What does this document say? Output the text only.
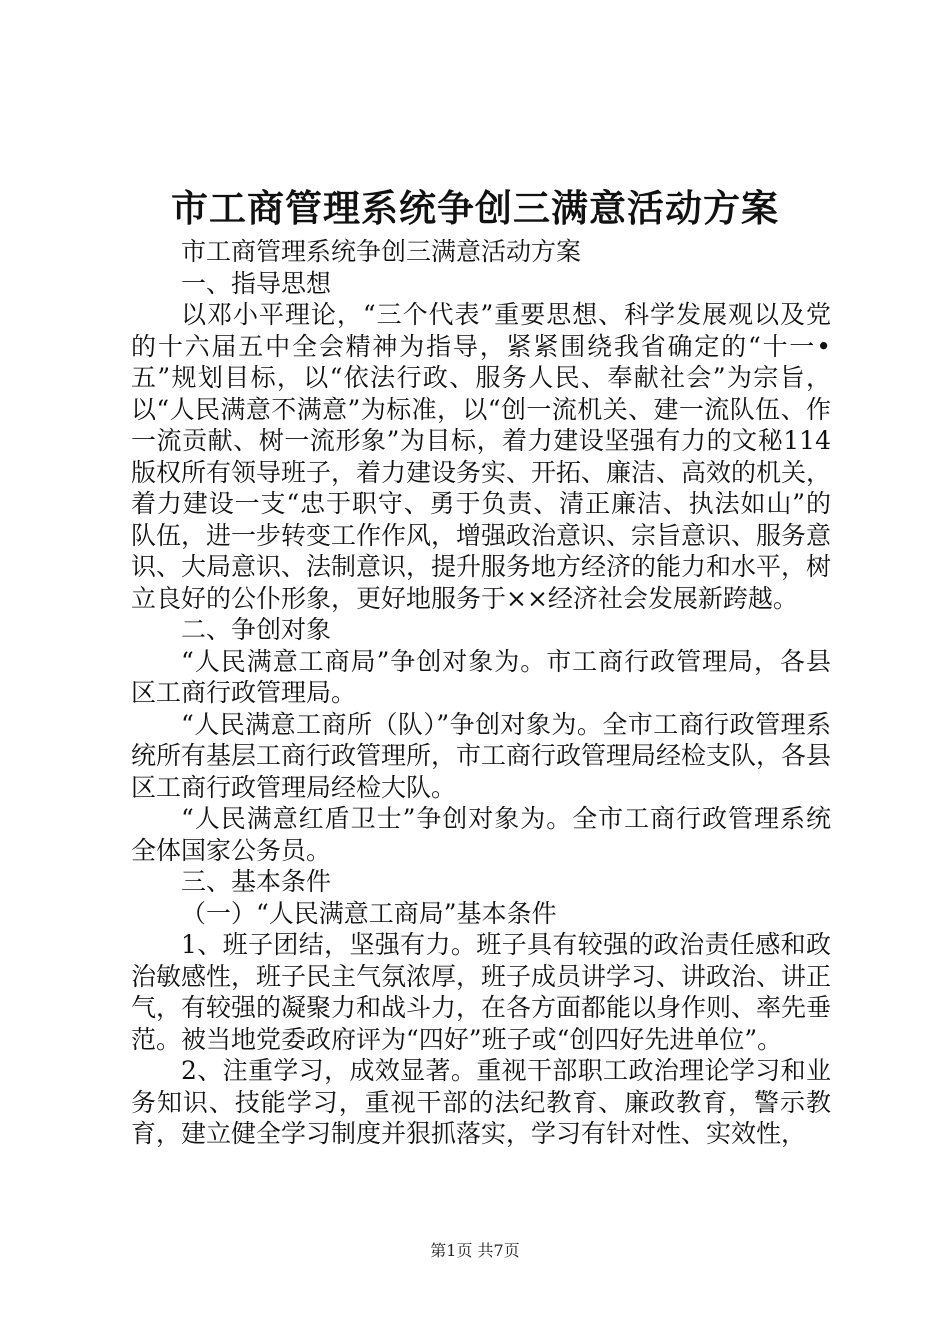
市工商管理系统争创三满意活动方案

市工商管理系统争创三满意活动方案

一、指导思想

以邓小平理论，“三个代表”重要思想、科学发展观以及党的十六届五中全会精神为指导，紧紧围绕我省确定的“十一•五”规划目标，以“依法行政、服务人民、奉献社会”为宗旨，以“人民满意不满意”为标准，以“创一流机关、建一流队伍、作一流贡献、树一流形象”为目标，着力建设坚强有力的文秘114版权所有领导班子，着力建设务实、开拓、廉洁、高效的机关，着力建设一支“忠于职守、勇于负责、清正廉洁、执法如山”的队伍，进一步转变工作作风，增强政治意识、宗旨意识、服务意识、大局意识、法制意识，提升服务地方经济的能力和水平，树立良好的公仆形象，更好地服务于××经济社会发展新跨越。

二、争创对象

“人民满意工商局”争创对象为。市工商行政管理局，各县区工商行政管理局。

“人民满意工商所（队）”争创对象为。全市工商行政管理系统所有基层工商行政管理所，市工商行政管理局经检支队，各县区工商行政管理局经检大队。

“人民满意红盾卫士”争创对象为。全市工商行政管理系统全体国家公务员。

三、基本条件

（一）“人民满意工商局”基本条件

1、班子团结，坚强有力。班子具有较强的政治责任感和政治敏感性，班子民主气氛浓厚，班子成员讲学习、讲政治、讲正气，有较强的凝聚力和战斗力，在各方面都能以身作则、率先垂范。被当地党委政府评为“四好”班子或“创四好先进单位”。

2、注重学习，成效显著。重视干部职工政治理论学习和业务知识、技能学习，重视干部的法纪教育、廉政教育，警示教育，建立健全学习制度并狠抓落实，学习有针对性、实效性，

第1页 共7页
